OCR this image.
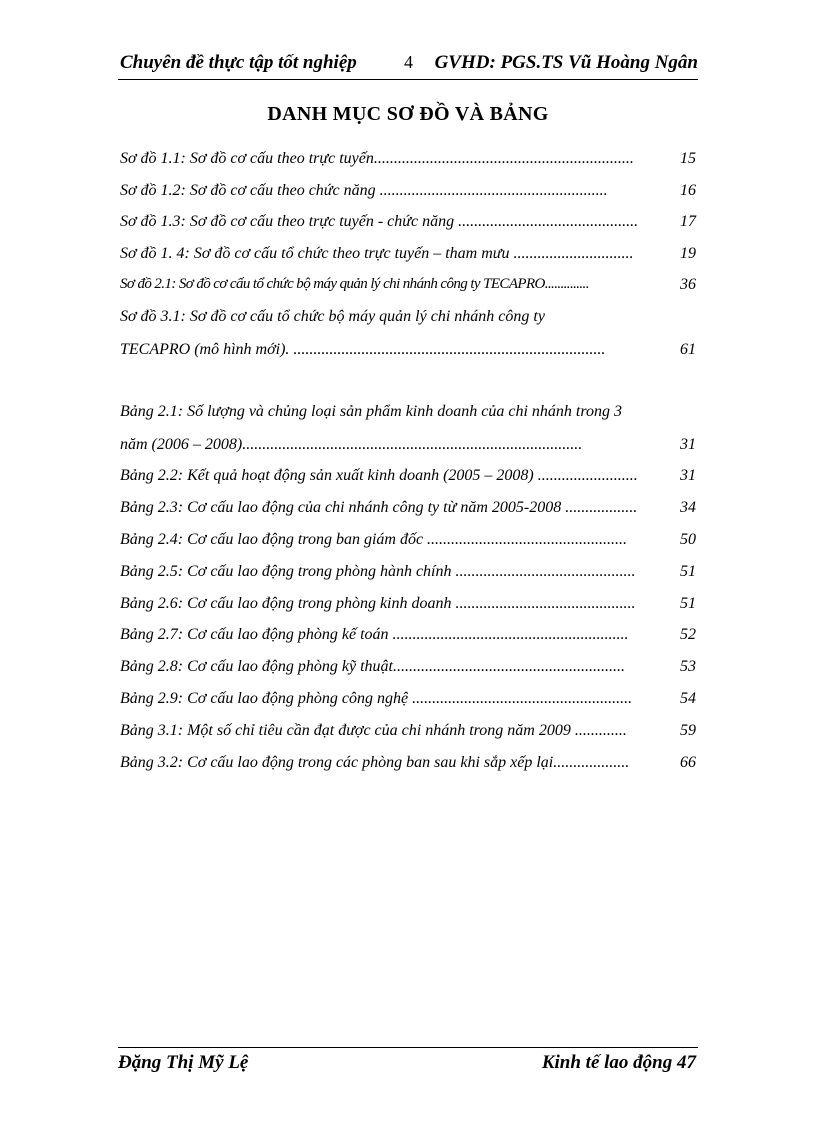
Chuyên đề thực tập tốt nghiệp	4 GVHD: PGS.TS Vũ Hoàng Ngân
DANH MỤC SƠ ĐỒ VÀ BẢNG
Sơ đồ 1.1: Sơ đồ cơ cấu theo trực tuyến.................................................................	15
Sơ đồ 1.2: Sơ đồ cơ cấu theo chức năng .........................................................	16
Sơ đồ 1.3: Sơ đồ cơ cấu theo trực tuyến - chức năng .............................................	17
Sơ đồ 1. 4: Sơ đồ cơ cấu tổ chức theo trực tuyến – tham mưu ..............................	19
Sơ đồ 2.1: Sơ đồ cơ cấu tổ chức bộ máy quản lý chi nhánh công ty TECAPRO..............	36
Sơ đồ 3.1: Sơ đồ cơ cấu tổ chức bộ máy quản lý chi nhánh công ty
TECAPRO (mô hình mới). ..............................................................................	61
Bảng 2.1: Số lượng và chủng loại sản phẩm kinh doanh của chi nhánh trong 3
năm (2006 – 2008).....................................................................................	31
Bảng 2.2: Kết quả hoạt động sản xuất kinh doanh (2005 – 2008) .........................	31
Bảng 2.3: Cơ cấu lao động của chi nhánh công ty từ năm 2005-2008 ..................	34
Bảng 2.4: Cơ cấu lao động trong ban giám đốc ..................................................	50
Bảng 2.5: Cơ cấu lao động trong phòng hành chính .............................................	51
Bảng 2.6: Cơ cấu lao động trong phòng kinh doanh .............................................	51
Bảng 2.7: Cơ cấu lao động phòng kế toán ...........................................................	52
Bảng 2.8: Cơ cấu lao động phòng kỹ thuật..........................................................	53
Bảng 2.9: Cơ cấu lao động phòng công nghệ .......................................................	54
Bảng 3.1: Một số chỉ tiêu cần đạt được của chi nhánh trong năm 2009 .............	59
Bảng 3.2: Cơ cấu lao động trong các phòng ban sau khi sắp xếp lại...................	66
Đặng Thị Mỹ Lệ	Kinh tế lao động 47
